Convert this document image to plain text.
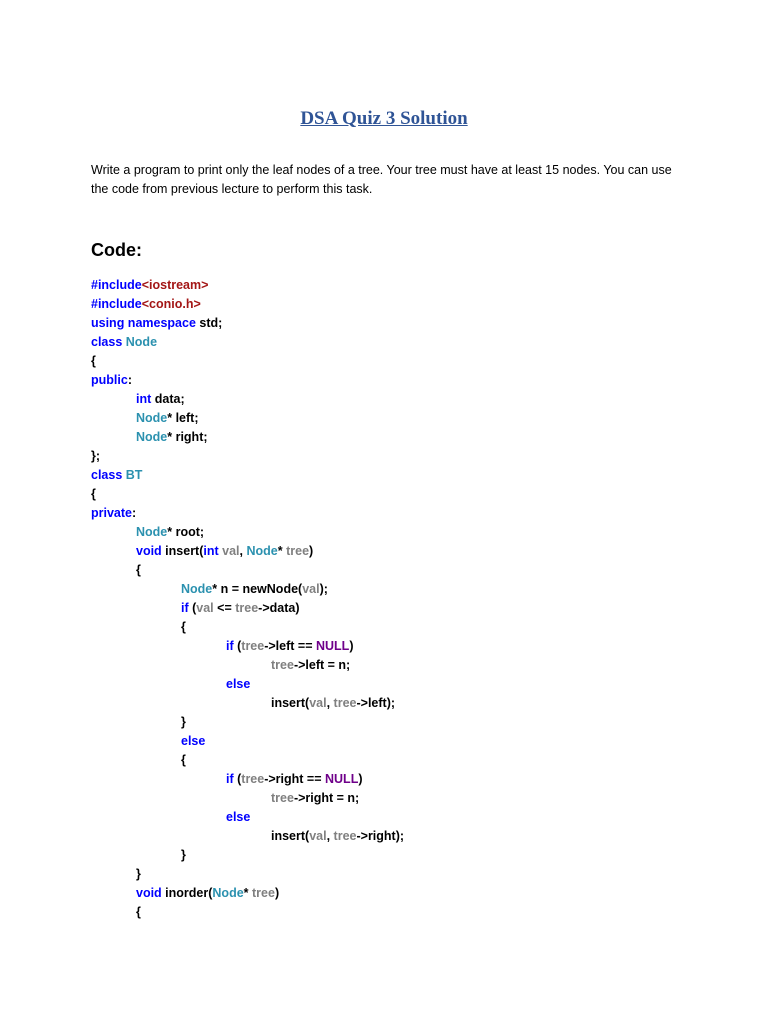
DSA Quiz 3 Solution
Write a program to print only the leaf nodes of a tree. Your tree must have at least 15 nodes. You can use the code from previous lecture to perform this task.
Code:
#include<iostream>
#include<conio.h>
using namespace std;
class Node
{
public:
int data;
Node* left;
Node* right;
};
class BT
{
private:
Node* root;
void insert(int val, Node* tree)
{
Node* n = newNode(val);
if (val <= tree->data)
{
if (tree->left == NULL)
tree->left = n;
else
insert(val, tree->left);
}
else
{
if (tree->right == NULL)
tree->right = n;
else
insert(val, tree->right);
}
}
void inorder(Node* tree)
{
